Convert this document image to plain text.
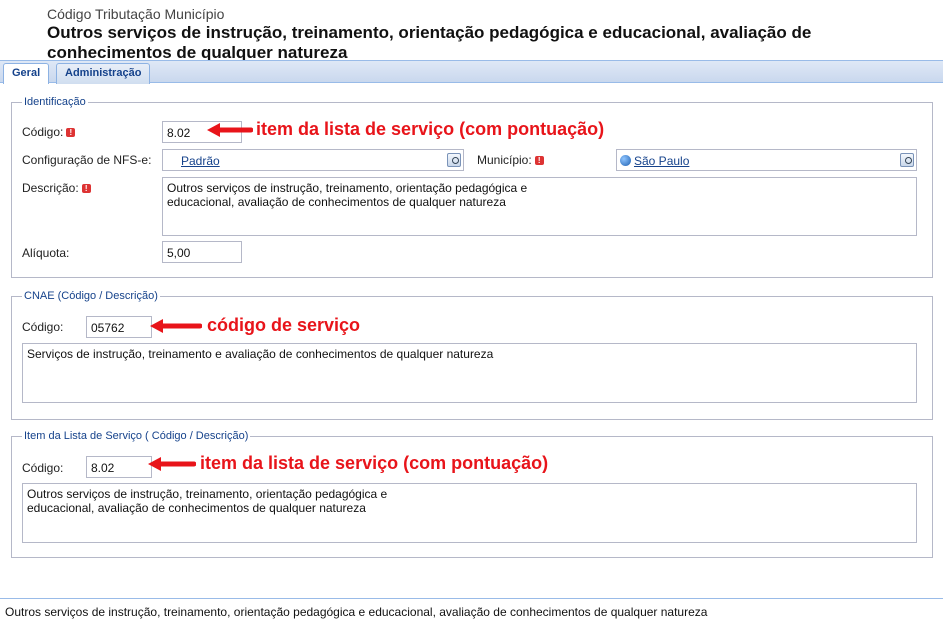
Código Tributação Município
Outros serviços de instrução, treinamento, orientação pedagógica e educacional, avaliação de conhecimentos de qualquer natureza
Geral	Administração
Identificação
Código: !	8.02
Configuração de NFS-e:	Padrão	Município: !	São Paulo
Descrição: !	Outros serviços de instrução, treinamento, orientação pedagógica e
educacional, avaliação de conhecimentos de qualquer natureza
Alíquota:	5,00
CNAE (Código / Descrição)
Código:	05762
Serviços de instrução, treinamento e avaliação de conhecimentos de qualquer natureza
Item da Lista de Serviço ( Código / Descrição)
Código:	8.02
Outros serviços de instrução, treinamento, orientação pedagógica e
educacional, avaliação de conhecimentos de qualquer natureza
item da lista de serviço (com pontuação)
código de serviço
item da lista de serviço (com pontuação)
Outros serviços de instrução, treinamento, orientação pedagógica e educacional, avaliação de conhecimentos de qualquer natureza
